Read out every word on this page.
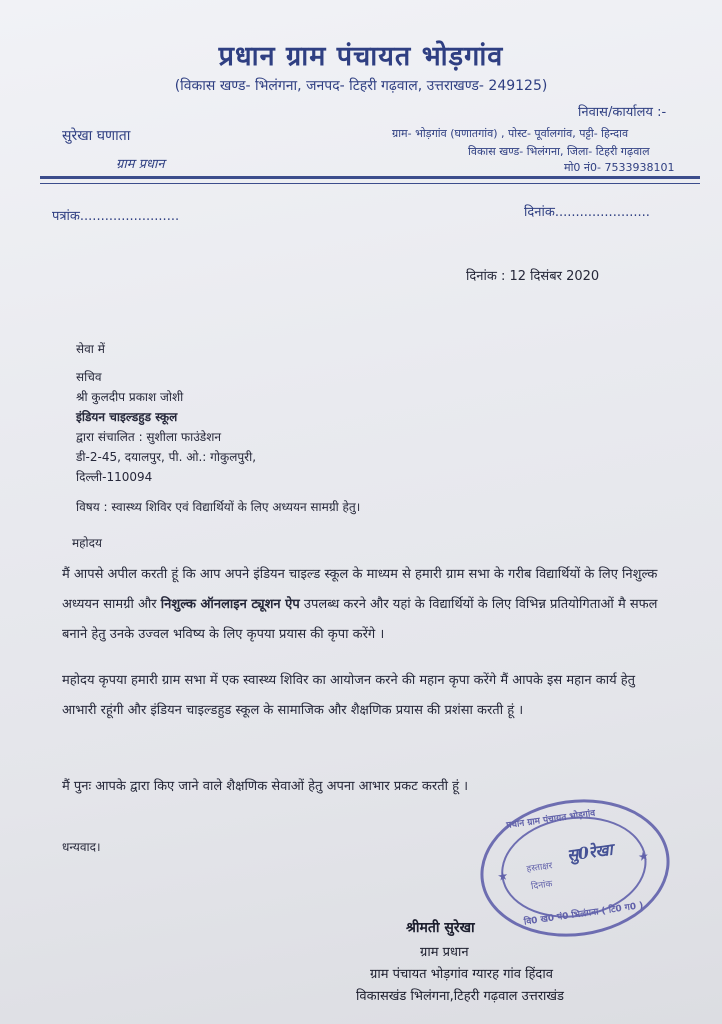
प्रधान ग्राम पंचायत भोड़गांव
(विकास खण्ड- भिलंगना, जनपद- टिहरी गढ़वाल, उत्तराखण्ड- 249125)
सुरेखा घणाता
ग्राम प्रधान
निवास/कार्यालय :-
ग्राम- भोड़गांव (घणातगांव) , पोस्ट- पूर्वालगांव, पट्टी- हिन्दाव
विकास खण्ड- भिलंगना, जिला- टिहरी गढ़वाल
मो0 नं0- 7533938101
पत्रांक........................	दिनांक.......................
दिनांक : 12 दिसंबर 2020
सेवा में
सचिव
श्री कुलदीप प्रकाश जोशी
इंडियन चाइल्डहुड स्कूल
द्वारा संचालित : सुशीला फाउंडेशन
डी-2-45, दयालपुर, पी. ओ.: गोकुलपुरी,
दिल्ली-110094
विषय : स्वास्थ्य शिविर एवं विद्यार्थियों के लिए अध्ययन सामग्री हेतु।
महोदय
मैं आपसे अपील करती हूं कि आप अपने इंडियन चाइल्ड स्कूल के माध्यम से हमारी ग्राम सभा के गरीब विद्यार्थियों के लिए निशुल्क अध्ययन सामग्री और निशुल्क ऑनलाइन ट्यूशन ऐप उपलब्ध करने और यहां के विद्यार्थियों के लिए विभिन्न प्रतियोगिताओं मै सफल बनाने हेतु उनके उज्वल भविष्य के लिए कृपया प्रयास की कृपा करेंगे ।
महोदय कृपया हमारी ग्राम सभा में एक स्वास्थ्य शिविर का आयोजन करने की महान कृपा करेंगे मैं आपके इस महान कार्य हेतु आभारी रहूंगी और इंडियन चाइल्डहुड स्कूल के सामाजिक और शैक्षणिक प्रयास की प्रशंसा करती हूं ।
मैं पुनः आपके द्वारा किए जाने वाले शैक्षणिक सेवाओं हेतु अपना आभार प्रकट करती हूं ।
धन्यवाद।
प्रधान ग्राम पंचायत भोड़गांव
हस्ताक्षर
सु0रेखा
दिनांक
वि0 खं0 पं0 भिलंगना ( टि0 ग0 )
★
★
श्रीमती सुरेखा
ग्राम प्रधान
ग्राम पंचायत भोड़गांव ग्यारह गांव हिंदाव
विकासखंड भिलंगना,टिहरी गढ़वाल उत्तराखंड
